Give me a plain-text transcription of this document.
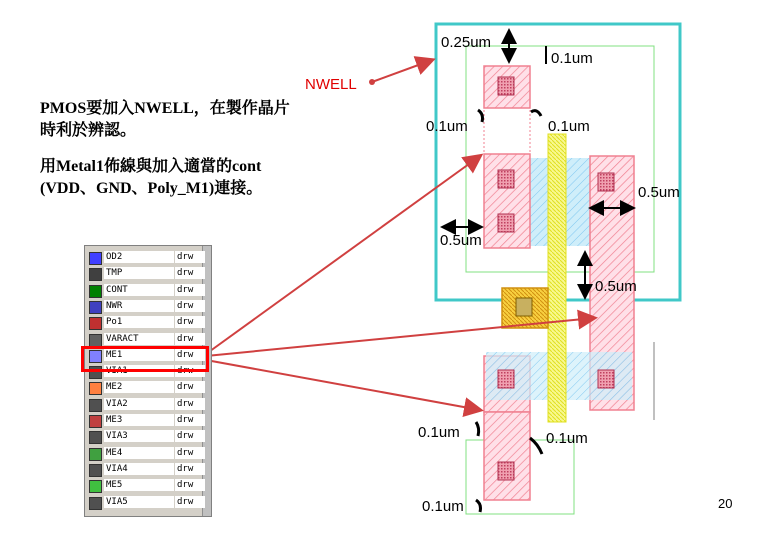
PMOS要加入NWELL，在製作晶片
時利於辨認。
用Metal1佈線與加入適當的cont
(VDD、GND、Poly_M1)連接。
NWELL
0.25um
0.1um
0.1um	0.1um
0.5um
0.5um
0.5um
0.1um	0.1um
0.1um
OD2	drw
TMP	drw
CONT	drw
NWR	drw
Po1	drw
VARACT	drw
ME1	drw
VIA1	drw
ME2	drw
VIA2	drw
ME3	drw
VIA3	drw
ME4	drw
VIA4	drw
ME5	drw
VIA5	drw	20
